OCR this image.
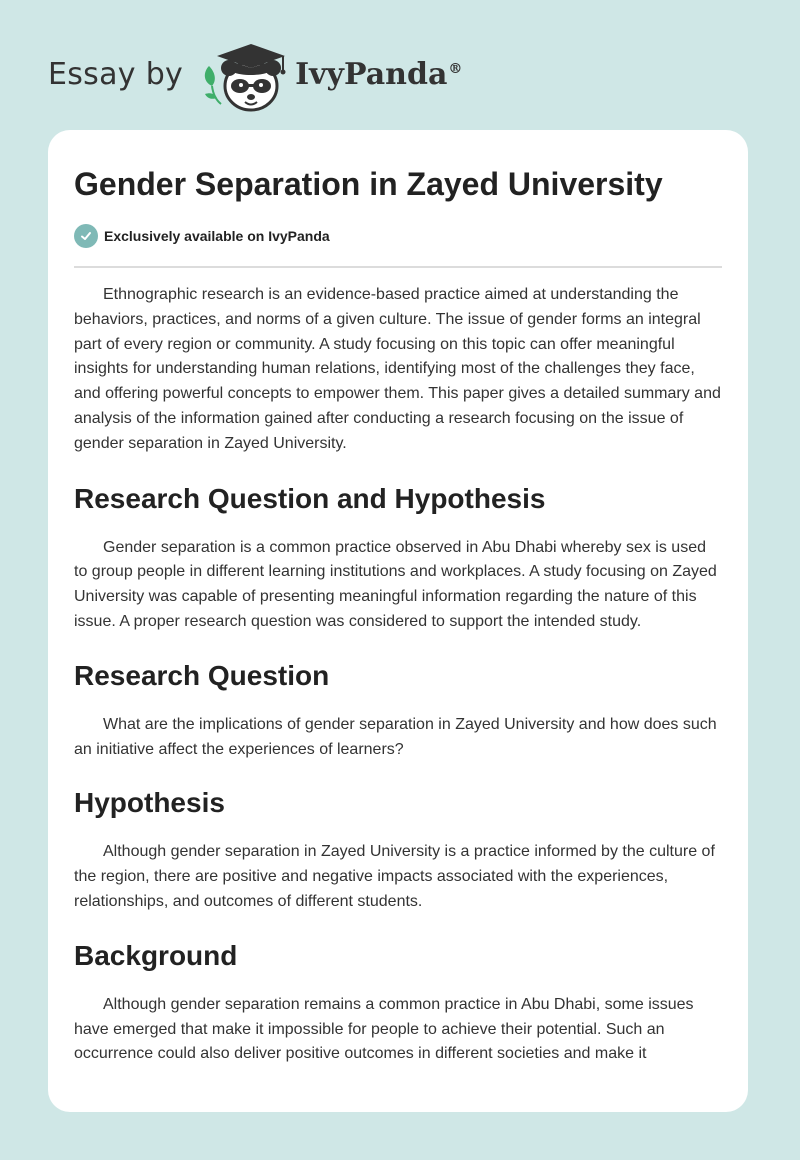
Essay by	IvyPanda®
Gender Separation in Zayed University
Exclusively available on IvyPanda

Ethnographic research is an evidence-based practice aimed at understanding the behaviors, practices, and norms of a given culture. The issue of gender forms an integral part of every region or community. A study focusing on this topic can offer meaningful insights for understanding human relations, identifying most of the challenges they face, and offering powerful concepts to empower them. This paper gives a detailed summary and analysis of the information gained after conducting a research focusing on the issue of gender separation in Zayed University.

Research Question and Hypothesis

Gender separation is a common practice observed in Abu Dhabi whereby sex is used to group people in different learning institutions and workplaces. A study focusing on Zayed University was capable of presenting meaningful information regarding the nature of this issue. A proper research question was considered to support the intended study.

Research Question

What are the implications of gender separation in Zayed University and how does such an initiative affect the experiences of learners?

Hypothesis

Although gender separation in Zayed University is a practice informed by the culture of the region, there are positive and negative impacts associated with the experiences, relationships, and outcomes of different students.

Background

Although gender separation remains a common practice in Abu Dhabi, some issues have emerged that make it impossible for people to achieve their potential. Such an occurrence could also deliver positive outcomes in different societies and make it
